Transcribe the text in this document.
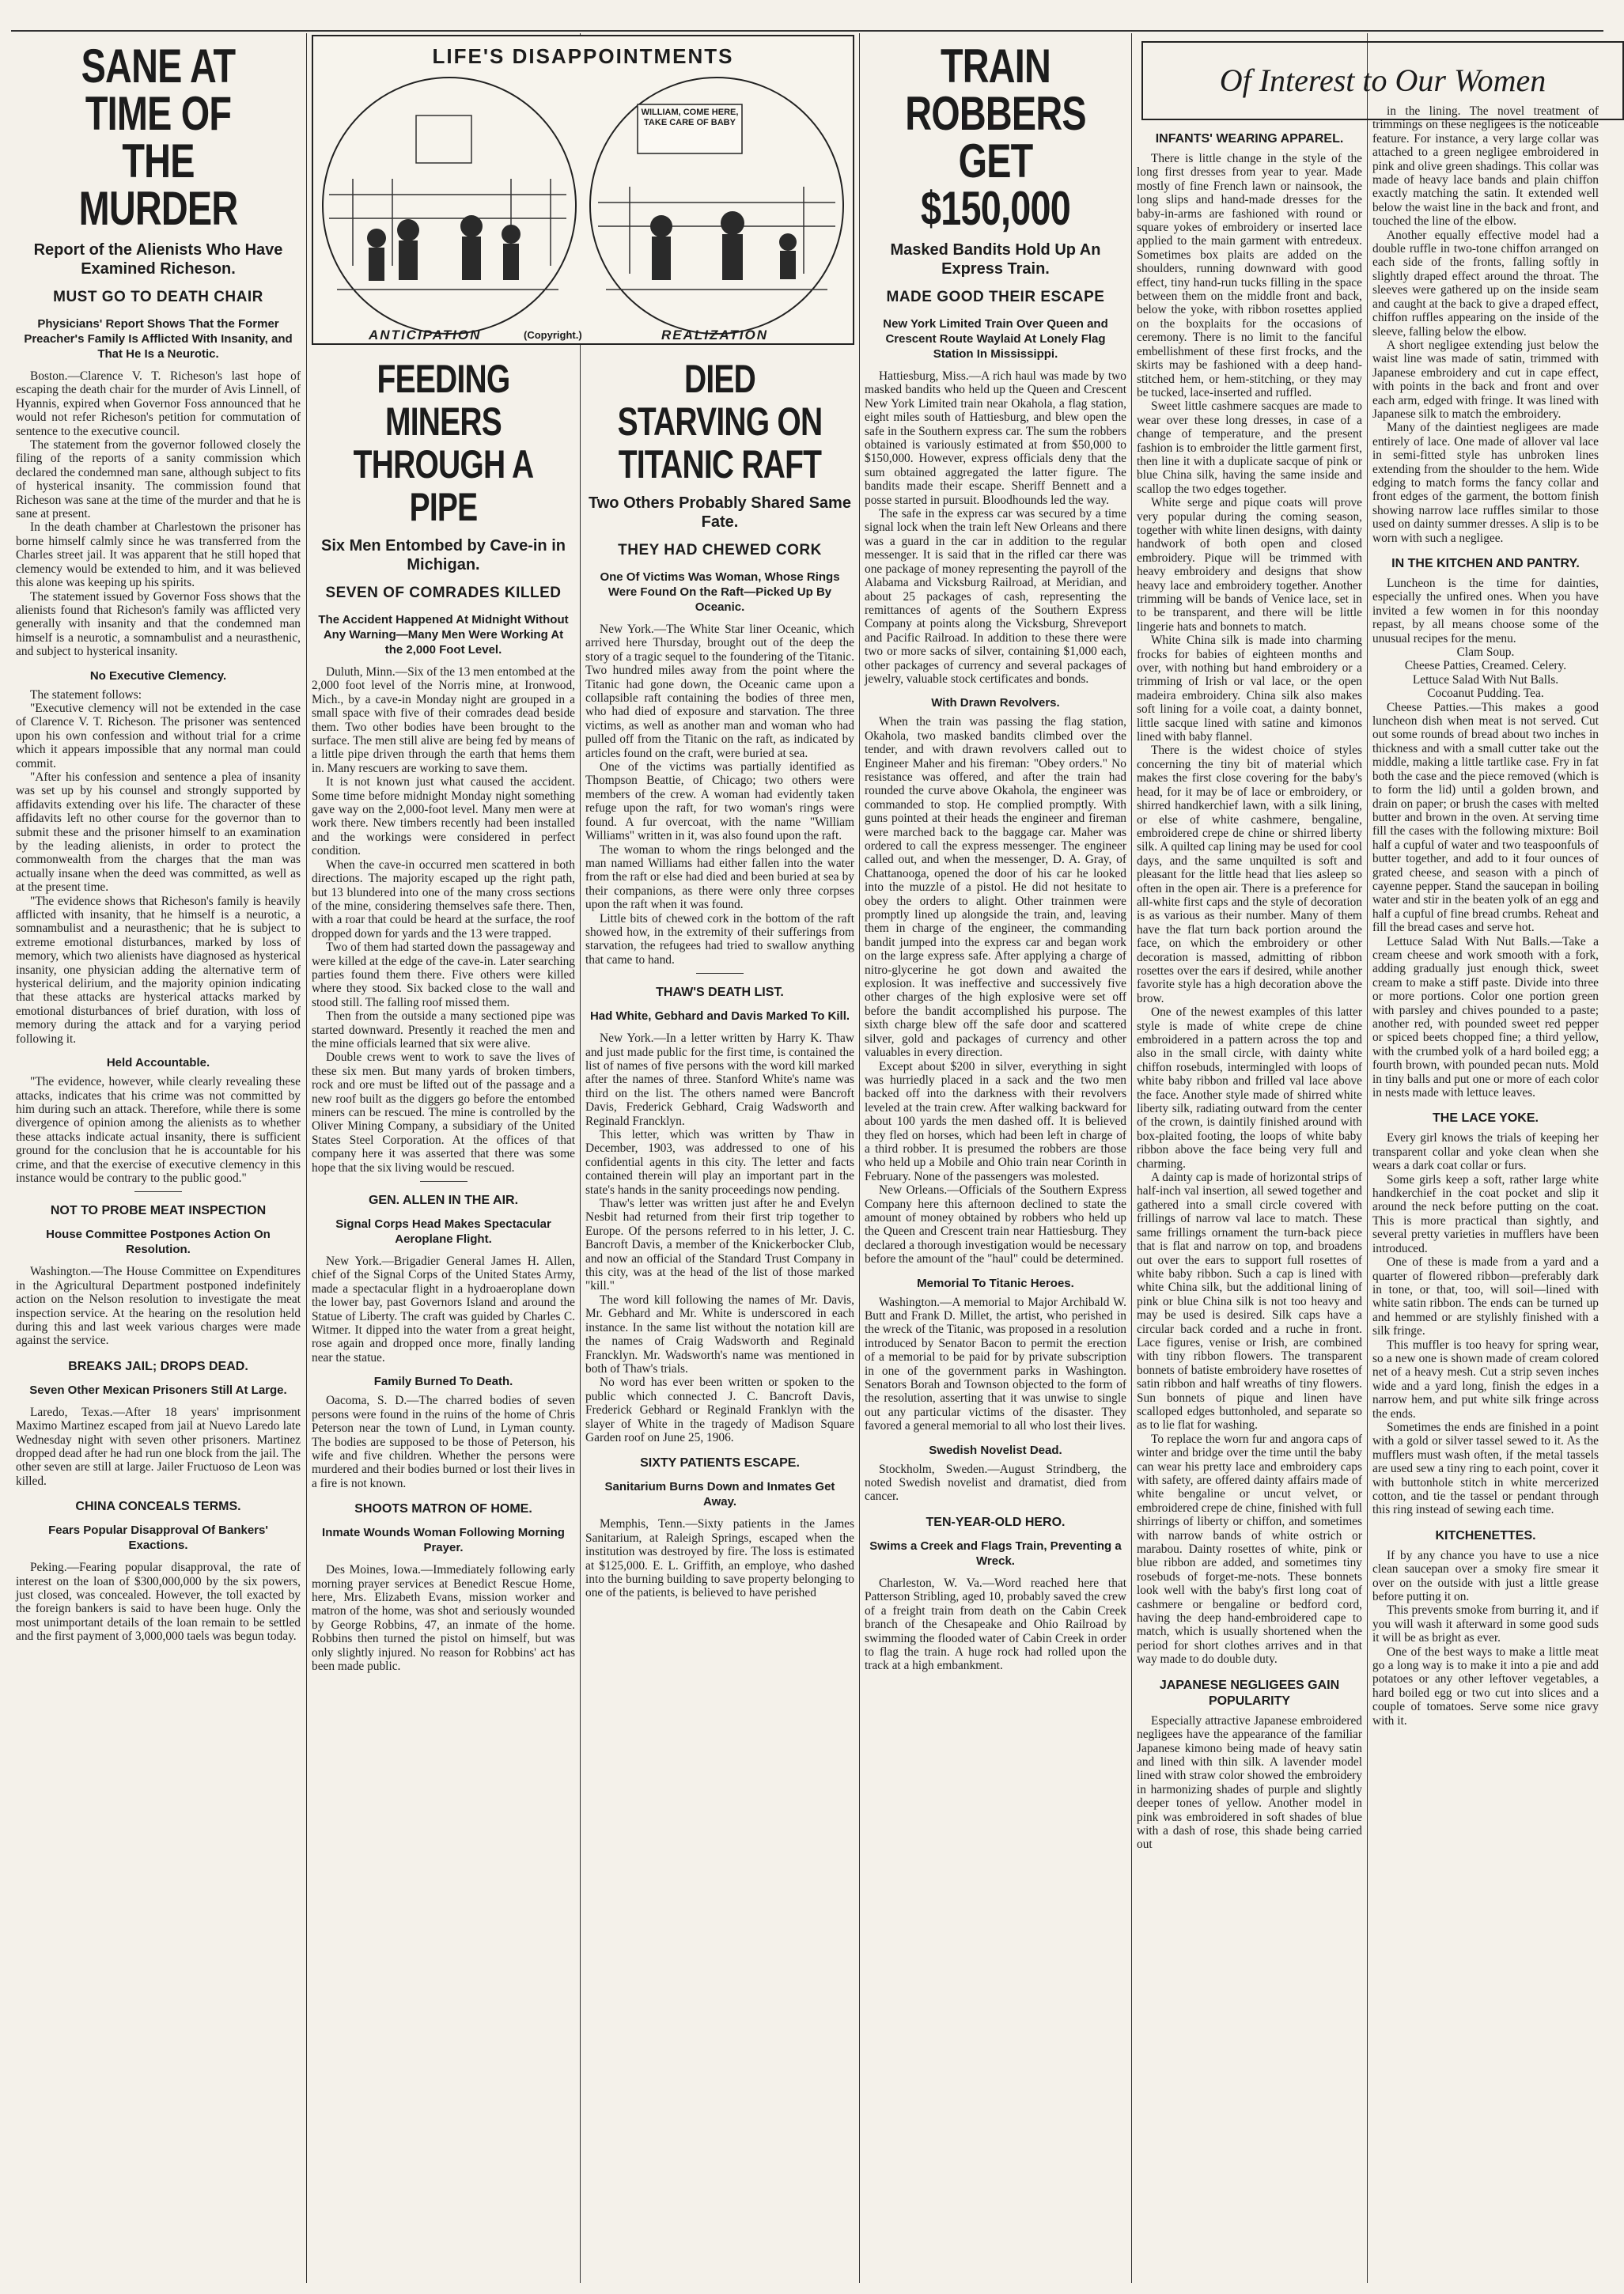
SANE AT TIME OF THE MURDER
Report of the Alienists Who Have Examined Richeson.
MUST GO TO DEATH CHAIR
Physicians' Report Shows That the Former Preacher's Family Is Afflicted With Insanity, and That He Is a Neurotic.

Boston.—Clarence V. T. Richeson's last hope of escaping the death chair for the murder of Avis Linnell, of Hyannis, expired when Governor Foss announced that he would not refer Richeson's petition for commutation of sentence to the executive council.

The statement from the governor followed closely the filing of the reports of a sanity commission which declared the condemned man sane, although subject to fits of hysterical insanity. The commission found that Richeson was sane at the time of the murder and that he is sane at present.

In the death chamber at Charlestown the prisoner has borne himself calmly since he was transferred from the Charles street jail. It was apparent that he still hoped that clemency would be extended to him, and it was believed this alone was keeping up his spirits.

The statement issued by Governor Foss shows that the alienists found that Richeson's family was afflicted very generally with insanity and that the condemned man himself is a neurotic, a somnambulist and a neurasthenic, and subject to hysterical insanity.

No Executive Clemency.

The statement follows:

"Executive clemency will not be extended in the case of Clarence V. T. Richeson. The prisoner was sentenced upon his own confession and without trial for a crime which it appears impossible that any normal man could commit.

"After his confession and sentence a plea of insanity was set up by his counsel and strongly supported by affidavits extending over his life. The character of these affidavits left no other course for the governor than to submit these and the prisoner himself to an examination by the leading alienists, in order to protect the commonwealth from the charges that the man was actually insane when the deed was committed, as well as at the present time.

"The evidence shows that Richeson's family is heavily afflicted with insanity, that he himself is a neurotic, a somnambulist and a neurasthenic; that he is subject to extreme emotional disturbances, marked by loss of memory, which two alienists have diagnosed as hysterical insanity, one physician adding the alternative term of hysterical delirium, and the majority opinion indicating that these attacks are hysterical attacks marked by emotional disturbances of brief duration, with loss of memory during the attack and for a varying period following it.

Held Accountable.

"The evidence, however, while clearly revealing these attacks, indicates that his crime was not committed by him during such an attack. Therefore, while there is some divergence of opinion among the alienists as to whether these attacks indicate actual insanity, there is sufficient ground for the conclusion that he is accountable for his crime, and that the exercise of executive clemency in this instance would be contrary to the public good."

NOT TO PROBE MEAT INSPECTION
House Committee Postpones Action On Resolution.

Washington.—The House Committee on Expenditures in the Agricultural Department postponed indefinitely action on the Nelson resolution to investigate the meat inspection service. At the hearing on the resolution held during this and last week various charges were made against the service.

BREAKS JAIL; DROPS DEAD.
Seven Other Mexican Prisoners Still At Large.

Laredo, Texas.—After 18 years' imprisonment Maximo Martinez escaped from jail at Nuevo Laredo late Wednesday night with seven other prisoners. Martinez dropped dead after he had run one block from the jail. The other seven are still at large. Jailer Fructuoso de Leon was killed.

CHINA CONCEALS TERMS.
Fears Popular Disapproval Of Bankers' Exactions.

Peking.—Fearing popular disapproval, the rate of interest on the loan of $300,000,000 by the six powers, just closed, was concealed. However, the toll exacted by the foreign bankers is said to have been huge. Only the most unimportant details of the loan remain to be settled and the first payment of 3,000,000 taels was begun today.

LIFE'S DISAPPOINTMENTS
WILLIAM, COME HERE, TAKE CARE OF BABY
ANTICIPATION	REALIZATION
(Copyright.)
FEEDING MINERS THROUGH A PIPE
Six Men Entombed by Cave-in in Michigan.
SEVEN OF COMRADES KILLED
The Accident Happened At Midnight Without Any Warning—Many Men Were Working At the 2,000 Foot Level.

Duluth, Minn.—Six of the 13 men entombed at the 2,000 foot level of the Norris mine, at Ironwood, Mich., by a cave-in Monday night are grouped in a small space with five of their comrades dead beside them. Two other bodies have been brought to the surface. The men still alive are being fed by means of a little pipe driven through the earth that hems them in. Many rescuers are working to save them.

It is not known just what caused the accident. Some time before midnight Monday night something gave way on the 2,000-foot level. Many men were at work there. New timbers recently had been installed and the workings were considered in perfect condition.

When the cave-in occurred men scattered in both directions. The majority escaped up the right path, but 13 blundered into one of the many cross sections of the mine, considering themselves safe there. Then, with a roar that could be heard at the surface, the roof dropped down for yards and the 13 were trapped.

Two of them had started down the passageway and were killed at the edge of the cave-in. Later searching parties found them there. Five others were killed where they stood. Six backed close to the wall and stood still. The falling roof missed them.

Then from the outside a many sectioned pipe was started downward. Presently it reached the men and the mine officials learned that six were alive.

Double crews went to work to save the lives of these six men. But many yards of broken timbers, rock and ore must be lifted out of the passage and a new roof built as the diggers go before the entombed miners can be rescued. The mine is controlled by the Oliver Mining Company, a subsidiary of the United States Steel Corporation. At the offices of that company here it was asserted that there was some hope that the six living would be rescued.

GEN. ALLEN IN THE AIR.
Signal Corps Head Makes Spectacular Aeroplane Flight.

New York.—Brigadier General James H. Allen, chief of the Signal Corps of the United States Army, made a spectacular flight in a hydroaeroplane down the lower bay, past Governors Island and around the Statue of Liberty. The craft was guided by Charles C. Witmer. It dipped into the water from a great height, rose again and dropped once more, finally landing near the statue.

Family Burned To Death.

Oacoma, S. D.—The charred bodies of seven persons were found in the ruins of the home of Chris Peterson near the town of Lund, in Lyman county. The bodies are supposed to be those of Peterson, his wife and five children. Whether the persons were murdered and their bodies burned or lost their lives in a fire is not known.

SHOOTS MATRON OF HOME.
Inmate Wounds Woman Following Morning Prayer.

Des Moines, Iowa.—Immediately following early morning prayer services at Benedict Rescue Home, here, Mrs. Elizabeth Evans, mission worker and matron of the home, was shot and seriously wounded by George Robbins, 47, an inmate of the home. Robbins then turned the pistol on himself, but was only slightly injured. No reason for Robbins' act has been made public.

DIED STARVING ON TITANIC RAFT
Two Others Probably Shared Same Fate.
THEY HAD CHEWED CORK
One Of Victims Was Woman, Whose Rings Were Found On the Raft—Picked Up By Oceanic.

New York.—The White Star liner Oceanic, which arrived here Thursday, brought out of the deep the story of a tragic sequel to the foundering of the Titanic. Two hundred miles away from the point where the Titanic had gone down, the Oceanic came upon a collapsible raft containing the bodies of three men, who had died of exposure and starvation. The three victims, as well as another man and woman who had pulled off from the Titanic on the raft, as indicated by articles found on the craft, were buried at sea.

One of the victims was partially identified as Thompson Beattie, of Chicago; two others were members of the crew. A woman had evidently taken refuge upon the raft, for two woman's rings were found. A fur overcoat, with the name "William Williams" written in it, was also found upon the raft.

The woman to whom the rings belonged and the man named Williams had either fallen into the water from the raft or else had died and been buried at sea by their companions, as there were only three corpses upon the raft when it was found.

Little bits of chewed cork in the bottom of the raft showed how, in the extremity of their sufferings from starvation, the refugees had tried to swallow anything that came to hand.

THAW'S DEATH LIST.
Had White, Gebhard and Davis Marked To Kill.

New York.—In a letter written by Harry K. Thaw and just made public for the first time, is contained the list of names of five persons with the word kill marked after the names of three. Stanford White's name was third on the list. The others named were Bancroft Davis, Frederick Gebhard, Craig Wadsworth and Reginald Francklyn.

This letter, which was written by Thaw in December, 1903, was addressed to one of his confidential agents in this city. The letter and facts contained therein will play an important part in the state's hands in the sanity proceedings now pending.

Thaw's letter was written just after he and Evelyn Nesbit had returned from their first trip together to Europe. Of the persons referred to in his letter, J. C. Bancroft Davis, a member of the Knickerbocker Club, and now an official of the Standard Trust Company in this city, was at the head of the list of those marked "kill."

The word kill following the names of Mr. Davis, Mr. Gebhard and Mr. White is underscored in each instance. In the same list without the notation kill are the names of Craig Wadsworth and Reginald Francklyn. Mr. Wadsworth's name was mentioned in both of Thaw's trials.

No word has ever been written or spoken to the public which connected J. C. Bancroft Davis, Frederick Gebhard or Reginald Franklyn with the slayer of White in the tragedy of Madison Square Garden roof on June 25, 1906.

SIXTY PATIENTS ESCAPE.
Sanitarium Burns Down and Inmates Get Away.

Memphis, Tenn.—Sixty patients in the James Sanitarium, at Raleigh Springs, escaped when the institution was destroyed by fire. The loss is estimated at $125,000. E. L. Griffith, an employe, who dashed into the burning building to save property belonging to one of the patients, is believed to have perished

TRAIN ROBBERS GET $150,000
Masked Bandits Hold Up An Express Train.
MADE GOOD THEIR ESCAPE
New York Limited Train Over Queen and Crescent Route Waylaid At Lonely Flag Station In Mississippi.

Hattiesburg, Miss.—A rich haul was made by two masked bandits who held up the Queen and Crescent New York Limited train near Okahola, a flag station, eight miles south of Hattiesburg, and blew open the safe in the Southern express car. The sum the robbers obtained is variously estimated at from $50,000 to $150,000. However, express officials deny that the sum obtained aggregated the latter figure. The bandits made their escape. Sheriff Bennett and a posse started in pursuit. Bloodhounds led the way.

The safe in the express car was secured by a time signal lock when the train left New Orleans and there was a guard in the car in addition to the regular messenger. It is said that in the rifled car there was one package of money representing the payroll of the Alabama and Vicksburg Railroad, at Meridian, and about 25 packages of cash, representing the remittances of agents of the Southern Express Company at points along the Vicksburg, Shreveport and Pacific Railroad. In addition to these there were two or more sacks of silver, containing $1,000 each, other packages of currency and several packages of jewelry, valuable stock certificates and bonds.

With Drawn Revolvers.

When the train was passing the flag station, Okahola, two masked bandits climbed over the tender, and with drawn revolvers called out to Engineer Maher and his fireman: "Obey orders." No resistance was offered, and after the train had rounded the curve above Okahola, the engineer was commanded to stop. He complied promptly. With guns pointed at their heads the engineer and fireman were marched back to the baggage car. Maher was ordered to call the express messenger. The engineer called out, and when the messenger, D. A. Gray, of Chattanooga, opened the door of his car he looked into the muzzle of a pistol. He did not hesitate to obey the orders to alight. Other trainmen were promptly lined up alongside the train, and, leaving them in charge of the engineer, the commanding bandit jumped into the express car and began work on the large express safe. After applying a charge of nitro-glycerine he got down and awaited the explosion. It was ineffective and successively five other charges of the high explosive were set off before the bandit accomplished his purpose. The sixth charge blew off the safe door and scattered silver, gold and packages of currency and other valuables in every direction.

Except about $200 in silver, everything in sight was hurriedly placed in a sack and the two men backed off into the darkness with their revolvers leveled at the train crew. After walking backward for about 100 yards the men dashed off. It is believed they fled on horses, which had been left in charge of a third robber. It is presumed the robbers are those who held up a Mobile and Ohio train near Corinth in February. None of the passengers was molested.

New Orleans.—Officials of the Southern Express Company here this afternoon declined to state the amount of money obtained by robbers who held up the Queen and Crescent train near Hattiesburg. They declared a thorough investigation would be necessary before the amount of the "haul" could be determined.

Memorial To Titanic Heroes.

Washington.—A memorial to Major Archibald W. Butt and Frank D. Millet, the artist, who perished in the wreck of the Titanic, was proposed in a resolution introduced by Senator Bacon to permit the erection of a memorial to be paid for by private subscription in one of the government parks in Washington. Senators Borah and Townson objected to the form of the resolution, asserting that it was unwise to single out any particular victims of the disaster. They favored a general memorial to all who lost their lives.

Swedish Novelist Dead.

Stockholm, Sweden.—August Strindberg, the noted Swedish novelist and dramatist, died from cancer.

TEN-YEAR-OLD HERO.
Swims a Creek and Flags Train, Preventing a Wreck.

Charleston, W. Va.—Word reached here that Patterson Stribling, aged 10, probably saved the crew of a freight train from death on the Cabin Creek branch of the Chesapeake and Ohio Railroad by swimming the flooded water of Cabin Creek in order to flag the train. A huge rock had rolled upon the track at a high embankment.

Of Interest to Our Women
INFANTS' WEARING APPAREL.

There is little change in the style of the long first dresses from year to year. Made mostly of fine French lawn or nainsook, the long slips and hand-made dresses for the baby-in-arms are fashioned with round or square yokes of embroidery or inserted lace applied to the main garment with entredeux. Sometimes box plaits are added on the shoulders, running downward with good effect, tiny hand-run tucks filling in the space between them on the middle front and back, below the yoke, with ribbon rosettes applied on the boxplaits for the occasions of ceremony. There is no limit to the fanciful embellishment of these first frocks, and the skirts may be fashioned with a deep hand-stitched hem, or hem-stitching, or they may be tucked, lace-inserted and ruffled.

Sweet little cashmere sacques are made to wear over these long dresses, in case of a change of temperature, and the present fashion is to embroider the little garment first, then line it with a duplicate sacque of pink or blue China silk, having the same inside and scallop the two edges together.

White serge and pique coats will prove very popular during the coming season, together with white linen designs, with dainty handwork of both open and closed embroidery. Pique will be trimmed with heavy embroidery and designs that show heavy lace and embroidery together. Another trimming will be bands of Venice lace, set in to be transparent, and there will be little lingerie hats and bonnets to match.

White China silk is made into charming frocks for babies of eighteen months and over, with nothing but hand embroidery or a trimming of Irish or val lace, or the open madeira embroidery. China silk also makes soft lining for a voile coat, a dainty bonnet, little sacque lined with satine and kimonos lined with baby flannel.

There is the widest choice of styles concerning the tiny bit of material which makes the first close covering for the baby's head, for it may be of lace or embroidery, or shirred handkerchief lawn, with a silk lining, or else of white cashmere, bengaline, embroidered crepe de chine or shirred liberty silk. A quilted cap lining may be used for cool days, and the same unquilted is soft and pleasant for the little head that lies asleep so often in the open air. There is a preference for all-white first caps and the style of decoration is as various as their number. Many of them have the flat turn back portion around the face, on which the embroidery or other decoration is massed, admitting of ribbon rosettes over the ears if desired, while another favorite style has a high decoration above the brow.

One of the newest examples of this latter style is made of white crepe de chine embroidered in a pattern across the top and also in the small circle, with dainty white chiffon rosebuds, intermingled with loops of white baby ribbon and frilled val lace above the face. Another style made of shirred white liberty silk, radiating outward from the center of the crown, is daintily finished around with box-plaited footing, the loops of white baby ribbon above the face being very full and charming.

A dainty cap is made of horizontal strips of half-inch val insertion, all sewed together and gathered into a small circle covered with frillings of narrow val lace to match. These same frillings ornament the turn-back piece that is flat and narrow on top, and broadens out over the ears to support full rosettes of white baby ribbon. Such a cap is lined with white China silk, but the additional lining of pink or blue China silk is not too heavy and may be used is desired. Silk caps have a circular back corded and a ruche in front. Lace figures, venise or Irish, are combined with tiny ribbon flowers. The transparent bonnets of batiste embroidery have rosettes of satin ribbon and half wreaths of tiny flowers. Sun bonnets of pique and linen have scalloped edges buttonholed, and separate so as to lie flat for washing.

To replace the worn fur and angora caps of winter and bridge over the time until the baby can wear his pretty lace and embroidery caps with safety, are offered dainty affairs made of white bengaline or uncut velvet, or embroidered crepe de chine, finished with full shirrings of liberty or chiffon, and sometimes with narrow bands of white ostrich or marabou. Dainty rosettes of white, pink or blue ribbon are added, and sometimes tiny rosebuds of forget-me-nots. These bonnets look well with the baby's first long coat of cashmere or bengaline or bedford cord, having the deep hand-embroidered cape to match, which is usually shortened when the period for short clothes arrives and in that way made to do double duty.

JAPANESE NEGLIGEES GAIN POPULARITY

Especially attractive Japanese embroidered negligees have the appearance of the familiar Japanese kimono being made of heavy satin and lined with thin silk. A lavender model lined with straw color showed the embroidery in harmonizing shades of purple and slightly deeper tones of yellow. Another model in pink was embroidered in soft shades of blue with a dash of rose, this shade being carried out

in the lining. The novel treatment of trimmings on these negligees is the noticeable feature. For instance, a very large collar was attached to a green negligee embroidered in pink and olive green shadings. This collar was made of heavy lace bands and plain chiffon exactly matching the satin. It extended well below the waist line in the back and front, and touched the line of the elbow.

Another equally effective model had a double ruffle in two-tone chiffon arranged on each side of the fronts, falling softly in slightly draped effect around the throat. The sleeves were gathered up on the inside seam and caught at the back to give a draped effect, chiffon ruffles appearing on the inside of the sleeve, falling below the elbow.

A short negligee extending just below the waist line was made of satin, trimmed with Japanese embroidery and cut in cape effect, with points in the back and front and over each arm, edged with fringe. It was lined with Japanese silk to match the embroidery.

Many of the daintiest negligees are made entirely of lace. One made of allover val lace in semi-fitted style has unbroken lines extending from the shoulder to the hem. Wide edging to match forms the fancy collar and front edges of the garment, the bottom finish showing narrow lace ruffles similar to those used on dainty summer dresses. A slip is to be worn with such a negligee.

IN THE KITCHEN AND PANTRY.

Luncheon is the time for dainties, especially the unfired ones. When you have invited a few women in for this noonday repast, by all means choose some of the unusual recipes for the menu.

Clam Soup.

Cheese Patties, Creamed. Celery.

Lettuce Salad With Nut Balls.

Cocoanut Pudding. Tea.

Cheese Patties.—This makes a good luncheon dish when meat is not served. Cut out some rounds of bread about two inches in thickness and with a small cutter take out the middle, making a little tartlike case. Fry in fat both the case and the piece removed (which is to form the lid) until a golden brown, and drain on paper; or brush the cases with melted butter and brown in the oven. At serving time fill the cases with the following mixture: Boil half a cupful of water and two teaspoonfuls of butter together, and add to it four ounces of grated cheese, and season with a pinch of cayenne pepper. Stand the saucepan in boiling water and stir in the beaten yolk of an egg and half a cupful of fine bread crumbs. Reheat and fill the bread cases and serve hot.

Lettuce Salad With Nut Balls.—Take a cream cheese and work smooth with a fork, adding gradually just enough thick, sweet cream to make a stiff paste. Divide into three or more portions. Color one portion green with parsley and chives pounded to a paste; another red, with pounded sweet red pepper or spiced beets chopped fine; a third yellow, with the crumbed yolk of a hard boiled egg; a fourth brown, with pounded pecan nuts. Mold in tiny balls and put one or more of each color in nests made with lettuce leaves.

THE LACE YOKE.

Every girl knows the trials of keeping her transparent collar and yoke clean when she wears a dark coat collar or furs.

Some girls keep a soft, rather large white handkerchief in the coat pocket and slip it around the neck before putting on the coat. This is more practical than sightly, and several pretty varieties in mufflers have been introduced.

One of these is made from a yard and a quarter of flowered ribbon—preferably dark in tone, or that, too, will soil—lined with white satin ribbon. The ends can be turned up and hemmed or are stylishly finished with a silk fringe.

This muffler is too heavy for spring wear, so a new one is shown made of cream colored net of a heavy mesh. Cut a strip seven inches wide and a yard long, finish the edges in a narrow hem, and put white silk fringe across the ends.

Sometimes the ends are finished in a point with a gold or silver tassel sewed to it. As the mufflers must wash often, if the metal tassels are used sew a tiny ring to each point, cover it with buttonhole stitch in white mercerized cotton, and tie the tassel or pendant through this ring instead of sewing each time.

KITCHENETTES.

If by any chance you have to use a nice clean saucepan over a smoky fire smear it over on the outside with just a little grease before putting it on.

This prevents smoke from burring it, and if you will wash it afterward in some good suds it will be as bright as ever.

One of the best ways to make a little meat go a long way is to make it into a pie and add potatoes or any other leftover vegetables, a hard boiled egg or two cut into slices and a couple of tomatoes. Serve some nice gravy with it.
